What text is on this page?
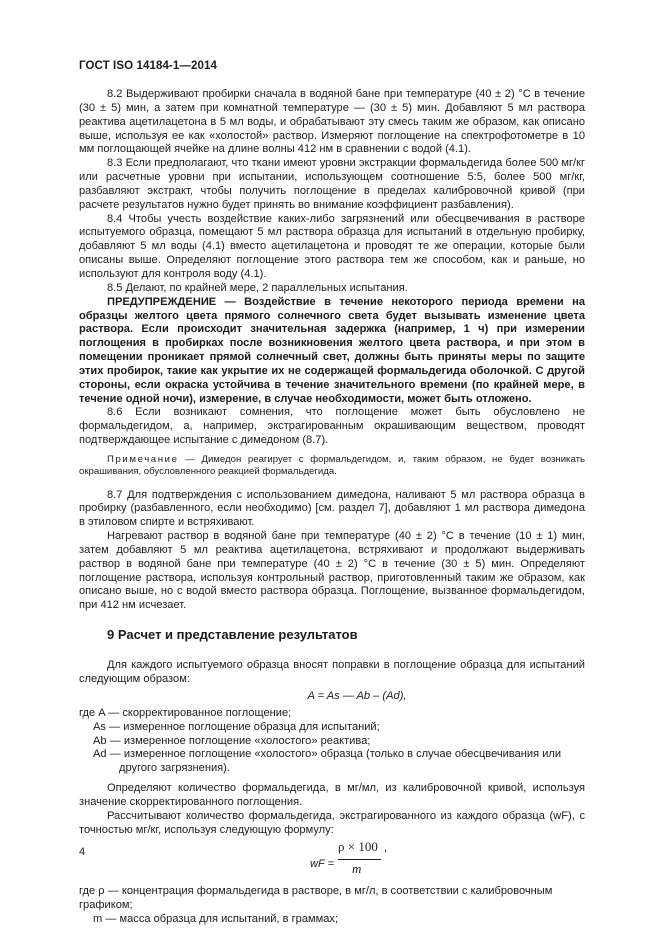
ГОСТ ISO 14184-1—2014

8.2 Выдерживают пробирки сначала в водяной бане при температуре (40 ± 2) °С в течение (30 ± 5) мин, а затем при комнатной температуре — (30 ± 5) мин. Добавляют 5 мл раствора реактива ацетилацетона в 5 мл воды, и обрабатывают эту смесь таким же образом, как описано выше, используя ее как «холостой» раствор. Измеряют поглощение на спектрофотометре в 10 мм поглощающей ячейке на длине волны 412 нм в сравнении с водой (4.1).

8.3 Если предполагают, что ткани имеют уровни экстракции формальдегида более 500 мг/кг или расчетные уровни при испытании, использующем соотношение 5:5, более 500 мг/кг, разбавляют экстракт, чтобы получить поглощение в пределах калибровочной кривой (при расчете результатов нужно будет принять во внимание коэффициент разбавления).

8.4 Чтобы учесть воздействие каких-либо загрязнений или обесцвечивания в растворе испытуемого образца, помещают 5 мл раствора образца для испытаний в отдельную пробирку, добавляют 5 мл воды (4.1) вместо ацетилацетона и проводят те же операции, которые были описаны выше. Определяют поглощение этого раствора тем же способом, как и раньше, но используют для контроля воду (4.1).

8.5 Делают, по крайней мере, 2 параллельных испытания.

ПРЕДУПРЕЖДЕНИЕ — Воздействие в течение некоторого периода времени на образцы желтого цвета прямого солнечного света будет вызывать изменение цвета раствора. Если происходит значительная задержка (например, 1 ч) при измерении поглощения в пробирках после возникновения желтого цвета раствора, и при этом в помещении проникает прямой солнечный свет, должны быть приняты меры по защите этих пробирок, такие как укрытие их не содержащей формальдегида оболочкой. С другой стороны, если окраска устойчива в течение значительного времени (по крайней мере, в течение одной ночи), измерение, в случае необходимости, может быть отложено.

8.6 Если возникают сомнения, что поглощение может быть обусловлено не формальдегидом, а, например, экстрагированным окрашивающим веществом, проводят подтверждающее испытание с димедоном (8.7).

Примечание — Димедон реагирует с формальдегидом, и, таким образом, не будет возникать окрашивания, обусловленного реакцией формальдегида.

8.7 Для подтверждения с использованием димедона, наливают 5 мл раствора образца в пробирку (разбавленного, если необходимо) [см. раздел 7], добавляют 1 мл раствора димедона в этиловом спирте и встряхивают.

Нагревают раствор в водяной бане при температуре (40 ± 2) °С в течение (10 ± 1) мин, затем добавляют 5 мл реактива ацетилацетона, встряхивают и продолжают выдерживать раствор в водяной бане при температуре (40 ± 2) °С в течение (30 ± 5) мин. Определяют поглощение раствора, используя контрольный раствор, приготовленный таким же образом, как описано выше, но с водой вместо раствора образца. Поглощение, вызванное формальдегидом, при 412 нм исчезает.

9 Расчет и представление результатов

Для каждого испытуемого образца вносят поправки в поглощение образца для испытаний следующим образом:

A = As — Ab – (Ad),
где A — скорректированное поглощение;
As — измеренное поглощение образца для испытаний;
Ab — измеренное поглощение «холостого» реактива;
Ad — измеренное поглощение «холостого» образца (только в случае обесцвечивания или другого загрязнения).

Определяют количество формальдегида, в мг/мл, из калибровочной кривой, используя значение скорректированного поглощения.

Рассчитывают количество формальдегида, экстрагированного из каждого образца (wF), с точностью мг/кг, используя следующую формулу:

wF =
ρ × 100
m
,
где ρ — концентрация формальдегида в растворе, в мг/л, в соответствии с калибровочным графиком;
m — масса образца для испытаний, в граммах;
4
